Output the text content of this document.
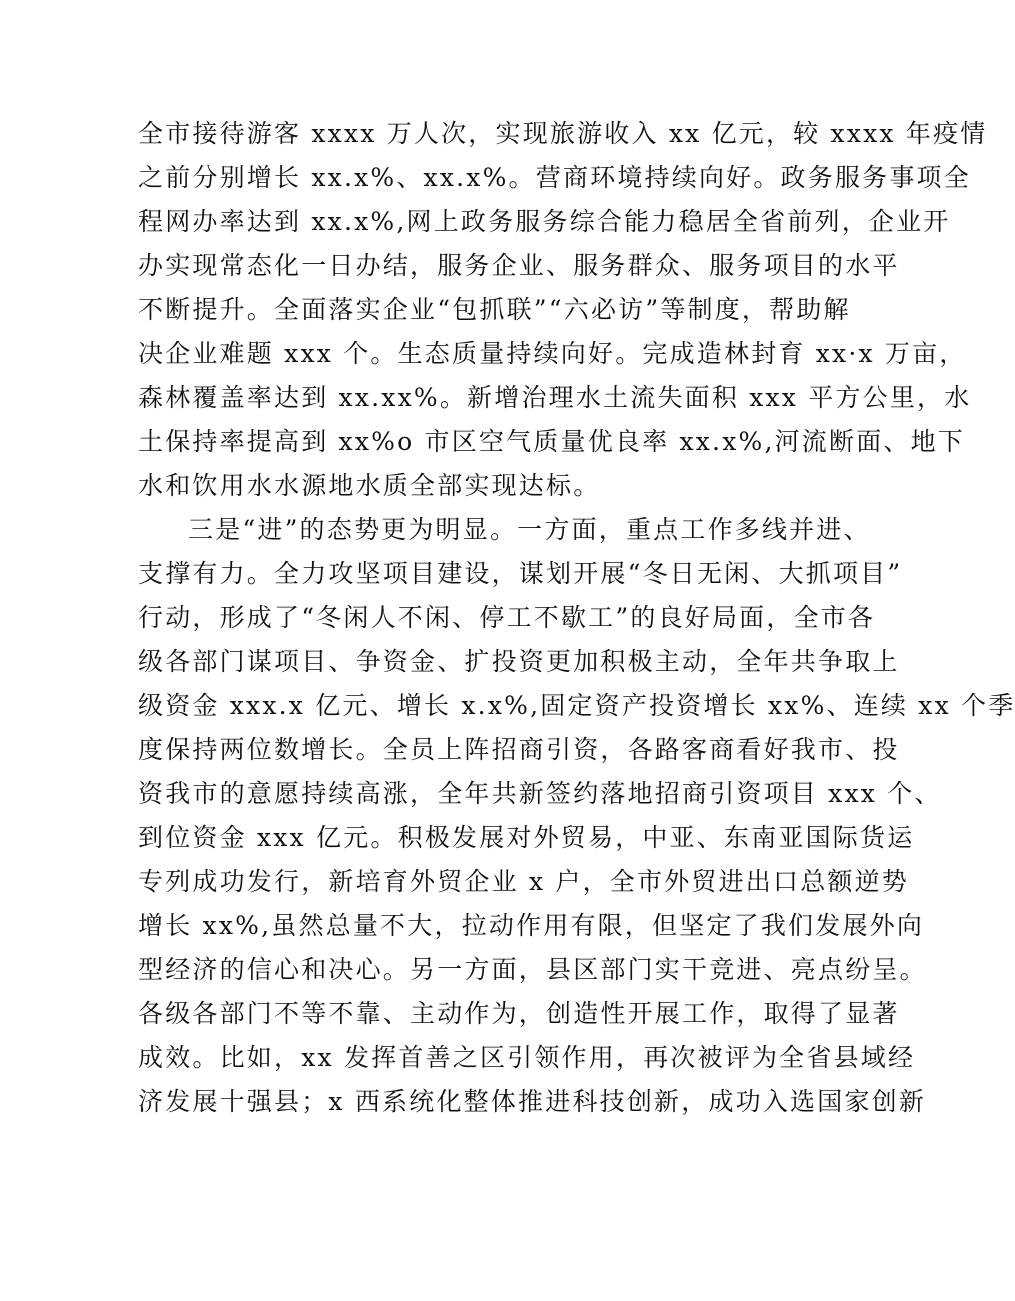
全市接待游客 xxxx 万人次，实现旅游收入 xx 亿元，较 xxxx 年疫情
之前分别增长 xx.x%、xx.x%。营商环境持续向好。政务服务事项全
程网办率达到 xx.x%,网上政务服务综合能力稳居全省前列，企业开
办实现常态化一日办结，服务企业、服务群众、服务项目的水平
不断提升。全面落实企业“包抓联”“六必访”等制度，帮助解
决企业难题 xxx 个。生态质量持续向好。完成造林封育 xx·x 万亩，
森林覆盖率达到 xx.xx%。新增治理水土流失面积 xxx 平方公里，水
土保持率提高到 xx%o 市区空气质量优良率 xx.x%,河流断面、地下
水和饮用水水源地水质全部实现达标。
三是“进”的态势更为明显。一方面，重点工作多线并进、
支撑有力。全力攻坚项目建设，谋划开展“冬日无闲、大抓项目”
行动，形成了“冬闲人不闲、停工不歇工”的良好局面，全市各
级各部门谋项目、争资金、扩投资更加积极主动，全年共争取上
级资金 xxx.x 亿元、增长 x.x%,固定资产投资增长 xx%、连续 xx 个季
度保持两位数增长。全员上阵招商引资，各路客商看好我市、投
资我市的意愿持续高涨，全年共新签约落地招商引资项目 xxx 个、
到位资金 xxx 亿元。积极发展对外贸易，中亚、东南亚国际货运
专列成功发行，新培育外贸企业 x 户，全市外贸进出口总额逆势
增长 xx%,虽然总量不大，拉动作用有限，但坚定了我们发展外向
型经济的信心和决心。另一方面，县区部门实干竞进、亮点纷呈。
各级各部门不等不靠、主动作为，创造性开展工作，取得了显著
成效。比如，xx 发挥首善之区引领作用，再次被评为全省县域经
济发展十强县；x 西系统化整体推进科技创新，成功入选国家创新
